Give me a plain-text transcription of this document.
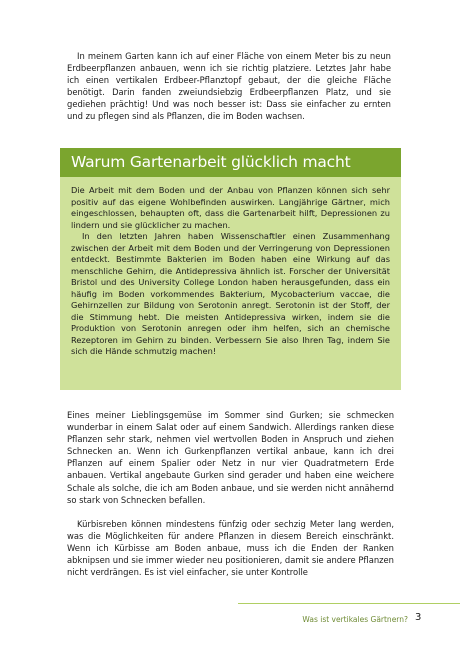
In meinem Garten kann ich auf einer Fläche von einem Meter bis zu neun Erdbeerpflanzen anbauen, wenn ich sie richtig platziere. Letztes Jahr habe ich einen vertikalen Erdbeer-Pflanztopf gebaut, der die gleiche Fläche benötigt. Darin fanden zweiundsiebzig Erdbeerpflanzen Platz, und sie gediehen prächtig! Und was noch besser ist: Dass sie einfacher zu ernten und zu pflegen sind als Pflanzen, die im Boden wachsen.

Warum Gartenarbeit glücklich macht

Die Arbeit mit dem Boden und der Anbau von Pflanzen können sich sehr positiv auf das eigene Wohlbefinden auswirken. Langjährige Gärtner, mich eingeschlossen, behaupten oft, dass die Gartenarbeit hilft, Depressionen zu lindern und sie glücklicher zu machen.

In den letzten Jahren haben Wissenschaftler einen Zusammenhang zwischen der Arbeit mit dem Boden und der Verringerung von Depressionen entdeckt. Bestimmte Bakterien im Boden haben eine Wirkung auf das menschliche Gehirn, die Antidepressiva ähnlich ist. Forscher der Universität Bristol und des University College London haben herausgefunden, dass ein häufig im Boden vorkommendes Bakterium, Mycobacterium vaccae, die Gehirnzellen zur Bildung von Serotonin anregt. Serotonin ist der Stoff, der die Stimmung hebt. Die meisten Antidepressiva wirken, indem sie die Produktion von Serotonin anregen oder ihm helfen, sich an chemische Rezeptoren im Gehirn zu binden. Verbessern Sie also Ihren Tag, indem Sie sich die Hände schmutzig machen!

Eines meiner Lieblingsgemüse im Sommer sind Gurken; sie schmecken wunderbar in einem Salat oder auf einem Sandwich. Allerdings ranken diese Pflanzen sehr stark, nehmen viel wertvollen Boden in Anspruch und ziehen Schnecken an. Wenn ich Gurkenpflanzen vertikal anbaue, kann ich drei Pflanzen auf einem Spalier oder Netz in nur vier Quadratmetern Erde anbauen. Vertikal angebaute Gurken sind gerader und haben eine weichere Schale als solche, die ich am Boden anbaue, und sie werden nicht annähernd so stark von Schnecken befallen.

Kürbisreben können mindestens fünfzig oder sechzig Meter lang werden, was die Möglichkeiten für andere Pflanzen in diesem Bereich einschränkt. Wenn ich Kürbisse am Boden anbaue, muss ich die Enden der Ranken abknipsen und sie immer wieder neu positionieren, damit sie andere Pflanzen nicht verdrängen. Es ist viel einfacher, sie unter Kontrolle

Was ist vertikales Gärtnern? 3
